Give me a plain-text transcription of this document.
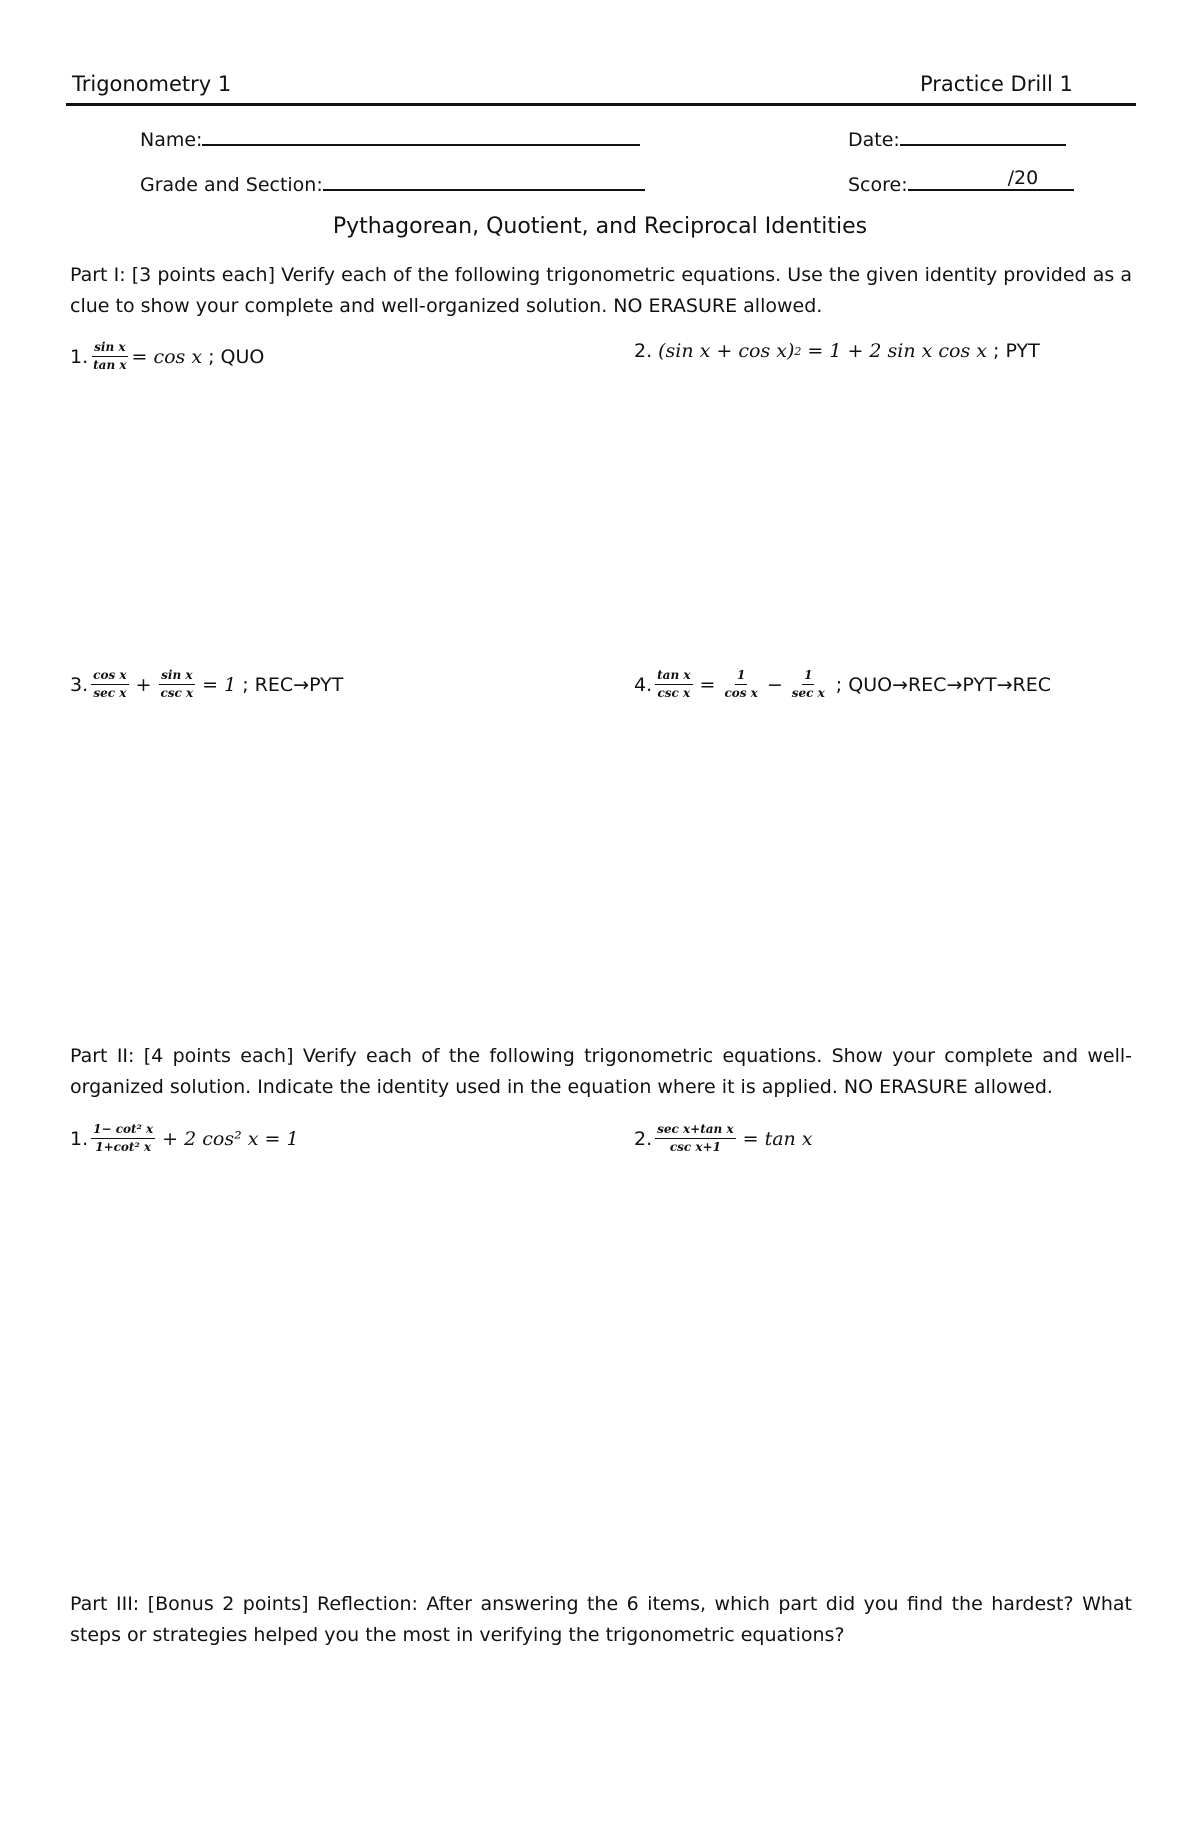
Trigonometry 1	Practice Drill 1
Name:	Date:
Grade and Section:	Score:	/20
Pythagorean, Quotient, and Reciprocal Identities
Part I: [3 points each] Verify each of the following trigonometric equations. Use the given identity provided as a clue to show your complete and well-organized solution. NO ERASURE allowed.
1. $\frac{\text{sin x}}{\text{tan x}} = \cos x$ ; QUO	2. (sin x + cos x) 2 = 1 + 2 sin x cos x ; PYT
3. $\frac{\text{cos x}}{\text{sec x}} + \frac{\text{sin x}}{\text{csc x}} = 1$ ; REC→PYT	4. $\frac{\text{tan x}}{\text{csc x}} = \frac{1}{\text{cos x}} - \frac{1}{\text{sec x}}$ ; QUO→REC→PYT→REC
Part II: [4 points each] Verify each of the following trigonometric equations. Show your complete and well-organized solution. Indicate the identity used in the equation where it is applied. NO ERASURE allowed.
1. $\frac{\text{1− cot² x}}{\text{1+cot² x}} + 2$ cos² x = 1	2. $\frac{\text{sec x+tan x}}{\text{csc x+1}} = \tan x$
Part III: [Bonus 2 points] Reflection: After answering the 6 items, which part did you find the hardest? What steps or strategies helped you the most in verifying the trigonometric equations?
